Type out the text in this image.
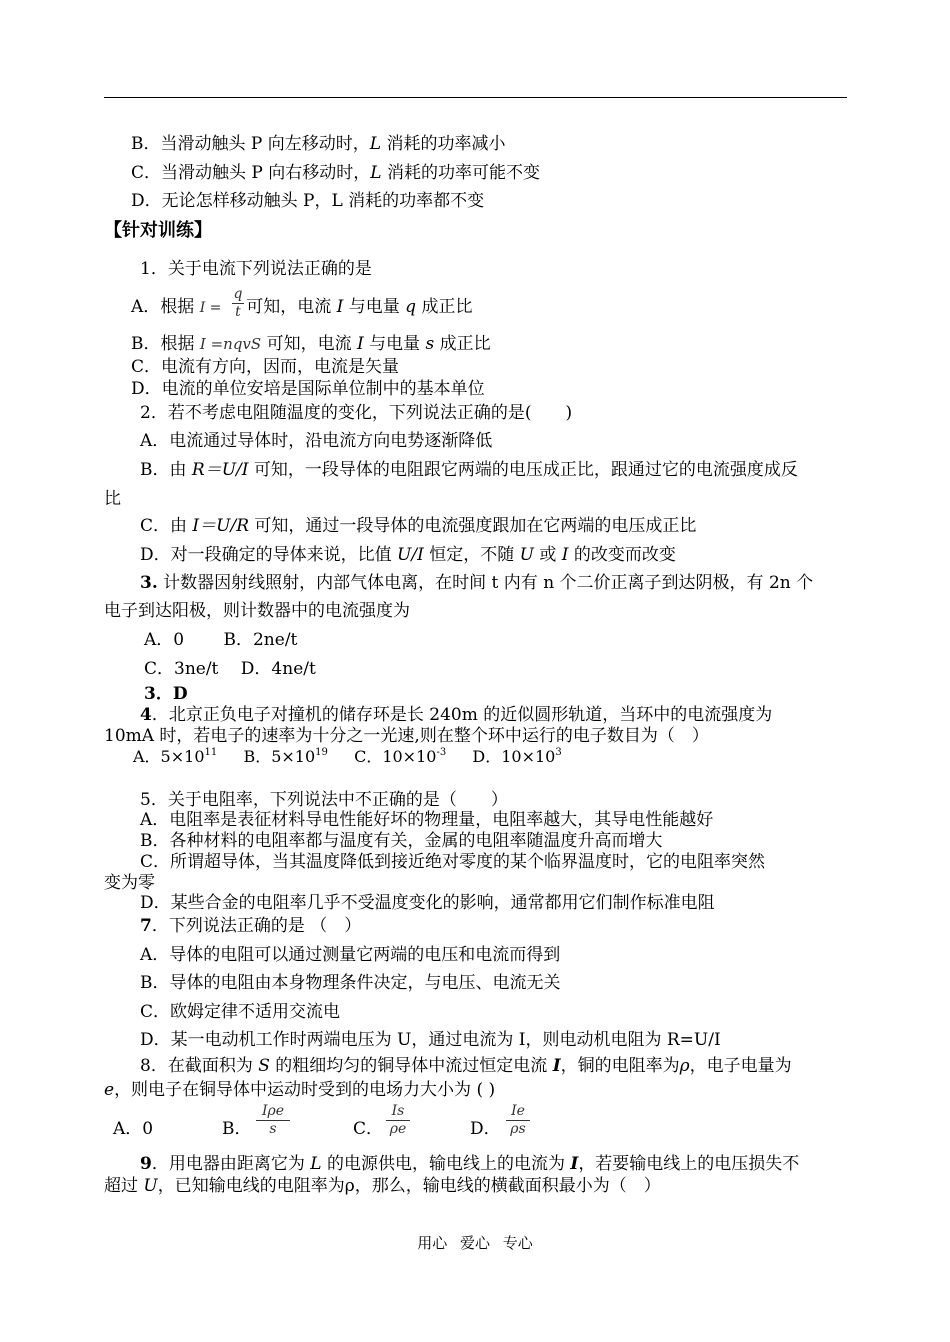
B．当滑动触头 P 向左移动时，L 消耗的功率减小
C．当滑动触头 P 向右移动时，L 消耗的功率可能不变
D．无论怎样移动触头 P，L 消耗的功率都不变
【针对训练】
1．关于电流下列说法正确的是
A．根据 I = 可知，电流 I 与电量 q 成正比
q
t
B．根据 I =nqvS 可知，电流 I 与电量 s 成正比
C．电流有方向，因而，电流是矢量
D．电流的单位安培是国际单位制中的基本单位
2．若不考虑电阻随温度的变化，下列说法正确的是(　　)
A．电流通过导体时，沿电流方向电势逐渐降低
B．由 R＝U/I 可知，一段导体的电阻跟它两端的电压成正比，跟通过它的电流强度成反
比
C．由 I＝U/R 可知，通过一段导体的电流强度跟加在它两端的电压成正比
D．对一段确定的导体来说，比值 U/I 恒定，不随 U 或 I 的改变而改变
3. 计数器因射线照射，内部气体电离，在时间 t 内有 n 个二价正离子到达阴极，有 2n 个
电子到达阳极，则计数器中的电流强度为
A．0　　 B．2ne/t
C．3ne/t　 D．4ne/t
3．D
4．北京正负电子对撞机的储存环是长 240m 的近似圆形轨道，当环中的电流强度为
10mA 时，若电子的速率为十分之一光速,则在整个环中运行的电子数目为（　）
A．$5\times 10^{11}$　 B．$5\times 10^{19}$　 C．$10\times 10^{-3}$　 D．$10\times 10^3$
5．关于电阻率，下列说法中不正确的是（　　）
A．电阻率是表征材料导电性能好坏的物理量，电阻率越大，其导电性能越好
B．各种材料的电阻率都与温度有关，金属的电阻率随温度升高而增大
C．所谓超导体，当其温度降低到接近绝对零度的某个临界温度时，它的电阻率突然
变为零
D．某些合金的电阻率几乎不受温度变化的影响，通常都用它们制作标准电阻
7．下列说法正确的是 （　）
A．导体的电阻可以通过测量它两端的电压和电流而得到
B．导体的电阻由本身物理条件决定，与电压、电流无关
C．欧姆定律不适用交流电
D．某一电动机工作时两端电压为 U，通过电流为 I，则电动机电阻为 R=U/I
8．在截面积为 S 的粗细均匀的铜导体中流过恒定电流 I，铜的电阻率为ρ，电子电量为
e，则电子在铜导体中运动时受到的电场力大小为 ( )
A．0	B．
Iρe
s	C．
Is
ρe	D．
Ie
ρs
9．用电器由距离它为 L 的电源供电，输电线上的电流为 I，若要输电线上的电压损失不
超过 U，已知输电线的电阻率为ρ，那么，输电线的横截面积最小为（　）
用心 爱心 专心
